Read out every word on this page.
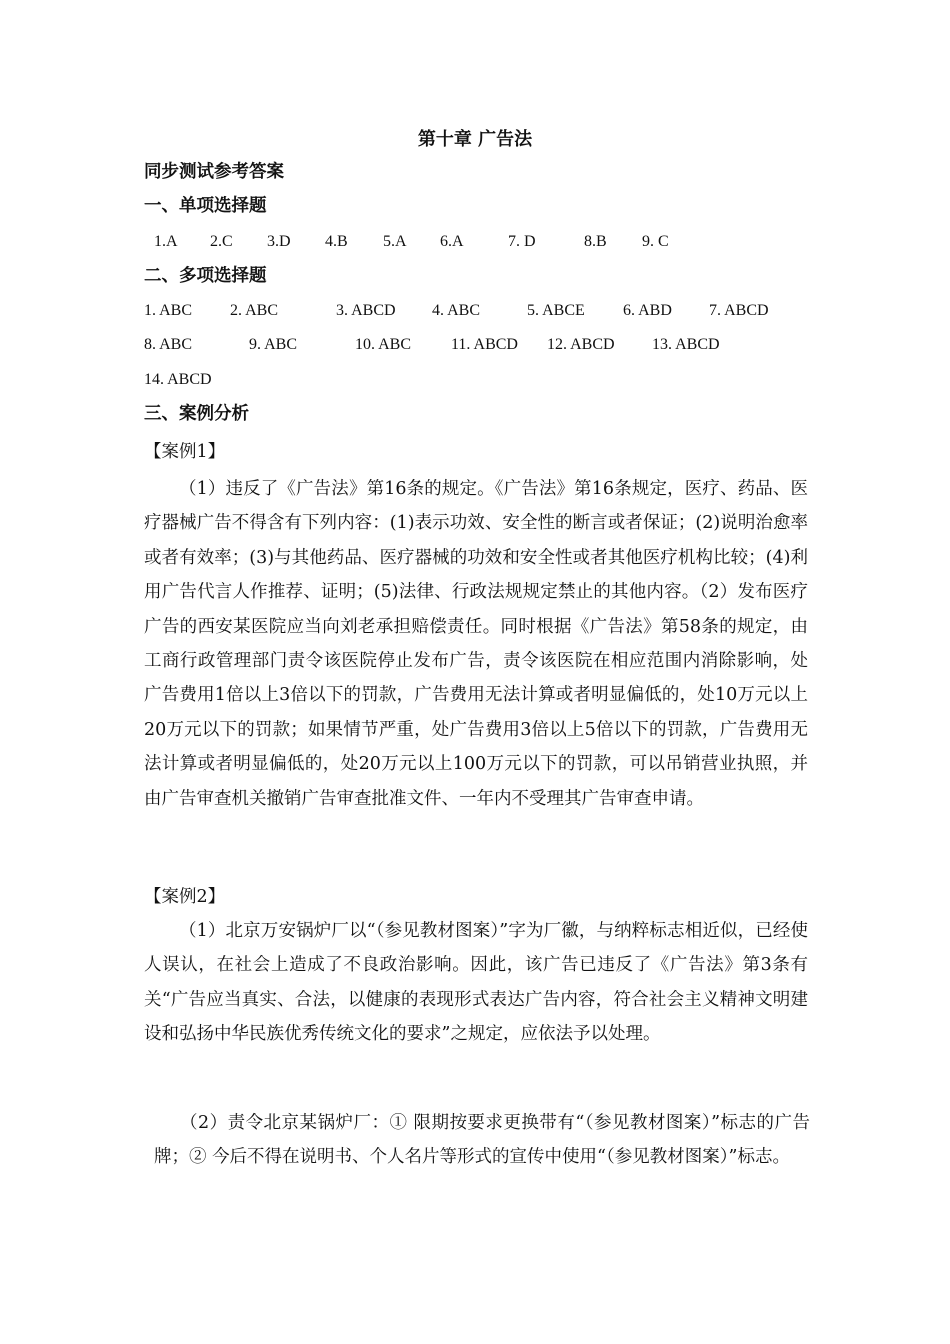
第十章 广告法
同步测试参考答案
一、单项选择题
1.A 2.C 3.D 4.B 5.A 6.A	7. D	8.B 9. C
二、多项选择题
1. ABC 2. ABC	3. ABCD 4. ABC	5. ABCE 6. ABD 7. ABCD
8. ABC	9. ABC	10. ABC 11. ABCD 12. ABCD 13. ABCD
14. ABCD
三、案例分析
【案例1】
（1）违反了《广告法》第16条的规定。《广告法》第16条规定，医疗、药品、医疗器械广告不得含有下列内容：(1)表示功效、安全性的断言或者保证；(2)说明治愈率或者有效率；(3)与其他药品、医疗器械的功效和安全性或者其他医疗机构比较；(4)利用广告代言人作推荐、证明；(5)法律、行政法规规定禁止的其他内容。（2）发布医疗广告的西安某医院应当向刘老承担赔偿责任。同时根据《广告法》第58条的规定，由工商行政管理部门责令该医院停止发布广告，责令该医院在相应范围内消除影响，处广告费用1倍以上3倍以下的罚款，广告费用无法计算或者明显偏低的，处10万元以上20万元以下的罚款；如果情节严重，处广告费用3倍以上5倍以下的罚款，广告费用无法计算或者明显偏低的，处20万元以上100万元以下的罚款，可以吊销营业执照，并由广告审查机关撤销广告审查批准文件、一年内不受理其广告审查申请。
【案例2】
（1）北京万安锅炉厂以“（参见教材图案）”字为厂徽，与纳粹标志相近似，已经使人误认，在社会上造成了不良政治影响。因此，该广告已违反了《广告法》第3条有关“广告应当真实、合法，以健康的表现形式表达广告内容，符合社会主义精神文明建设和弘扬中华民族优秀传统文化的要求”之规定，应依法予以处理。
（2）责令北京某锅炉厂：① 限期按要求更换带有“（参见教材图案）”标志的广告牌；② 今后不得在说明书、个人名片等形式的宣传中使用“（参见教材图案）”标志。
